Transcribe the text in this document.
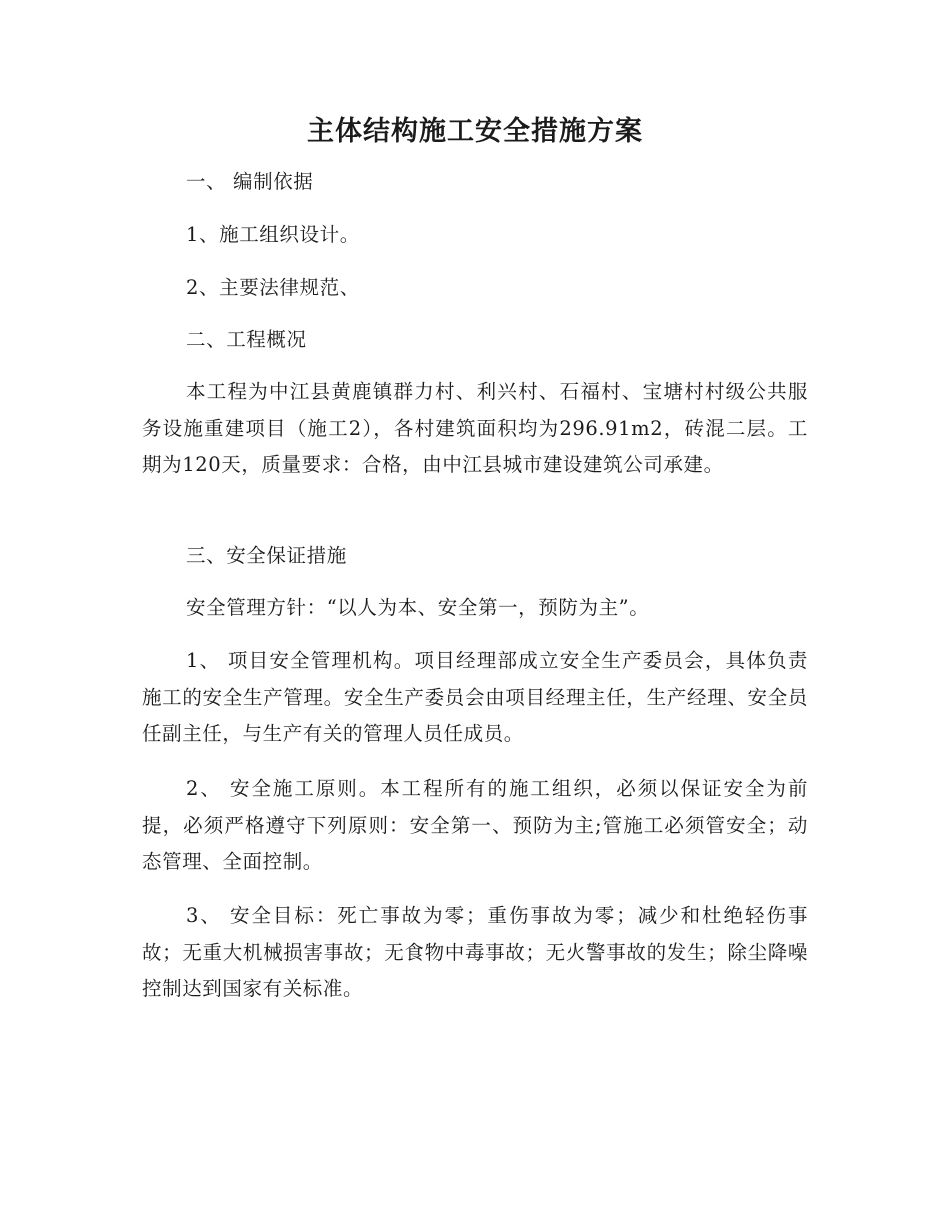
主体结构施工安全措施方案
一、 编制依据
1、施工组织设计。
2、主要法律规范、
二、工程概况
本工程为中江县黄鹿镇群力村、利兴村、石福村、宝塘村村级公共服务设施重建项目（施工2），各村建筑面积均为296.91m2，砖混二层。工期为120天，质量要求：合格，由中江县城市建设建筑公司承建。
三、安全保证措施
安全管理方针：“以人为本、安全第一，预防为主”。
1、 项目安全管理机构。项目经理部成立安全生产委员会，具体负责施工的安全生产管理。安全生产委员会由项目经理主任，生产经理、安全员任副主任，与生产有关的管理人员任成员。
2、 安全施工原则。本工程所有的施工组织，必须以保证安全为前提，必须严格遵守下列原则：安全第一、预防为主;管施工必须管安全；动态管理、全面控制。
3、 安全目标：死亡事故为零；重伤事故为零；减少和杜绝轻伤事故；无重大机械损害事故；无食物中毒事故；无火警事故的发生；除尘降噪控制达到国家有关标准。
